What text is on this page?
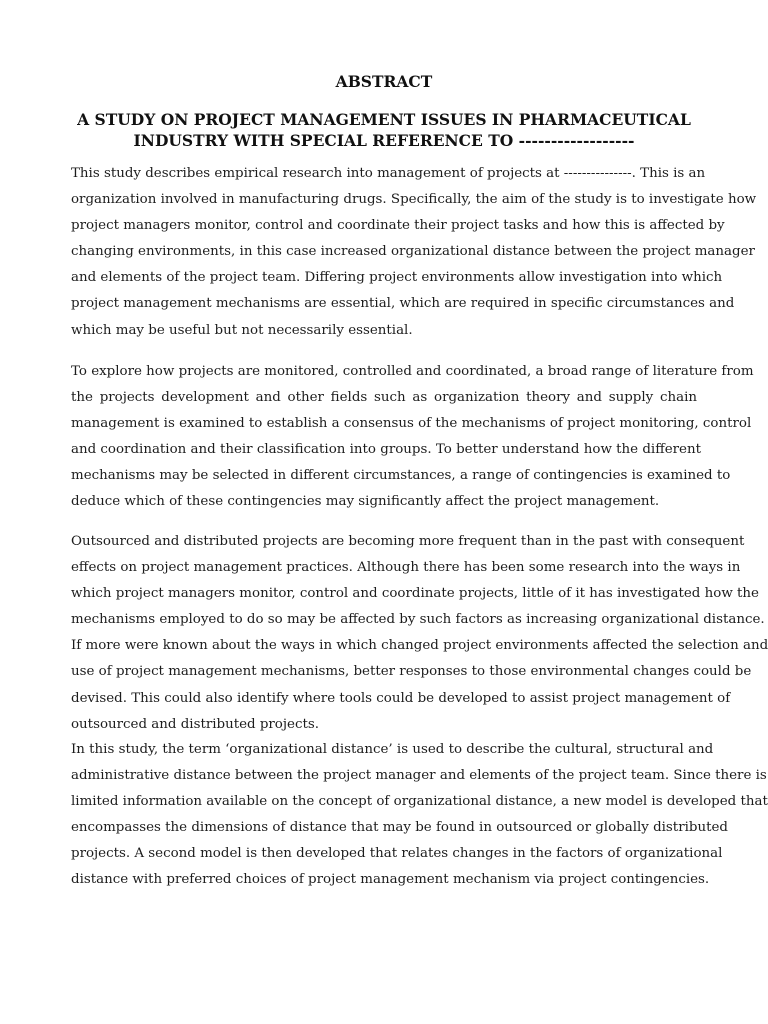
ABSTRACT
A STUDY ON PROJECT MANAGEMENT ISSUES IN PHARMACEUTICAL
INDUSTRY WITH SPECIAL REFERENCE TO ------------------

This study describes empirical research into management of projects at ---------------. This is an
organization involved in manufacturing drugs. Specifically, the aim of the study is to investigate how
project managers monitor, control and coordinate their project tasks and how this is affected by
changing environments, in this case increased organizational distance between the project manager
and elements of the project team. Differing project environments allow investigation into which
project management mechanisms are essential, which are required in specific circumstances and
which may be useful but not necessarily essential.

To explore how projects are monitored, controlled and coordinated, a broad range of literature from
the projects development and other fields such as organization theory and supply chain
management is examined to establish a consensus of the mechanisms of project monitoring, control
and coordination and their classification into groups. To better understand how the different
mechanisms may be selected in different circumstances, a range of contingencies is examined to
deduce which of these contingencies may significantly affect the project management.

Outsourced and distributed projects are becoming more frequent than in the past with consequent
effects on project management practices. Although there has been some research into the ways in
which project managers monitor, control and coordinate projects, little of it has investigated how the
mechanisms employed to do so may be affected by such factors as increasing organizational distance.
If more were known about the ways in which changed project environments affected the selection and
use of project management mechanisms, better responses to those environmental changes could be
devised. This could also identify where tools could be developed to assist project management of
outsourced and distributed projects.

In this study, the term ‘organizational distance’ is used to describe the cultural, structural and
administrative distance between the project manager and elements of the project team. Since there is
limited information available on the concept of organizational distance, a new model is developed that
encompasses the dimensions of distance that may be found in outsourced or globally distributed
projects. A second model is then developed that relates changes in the factors of organizational
distance with preferred choices of project management mechanism via project contingencies.
